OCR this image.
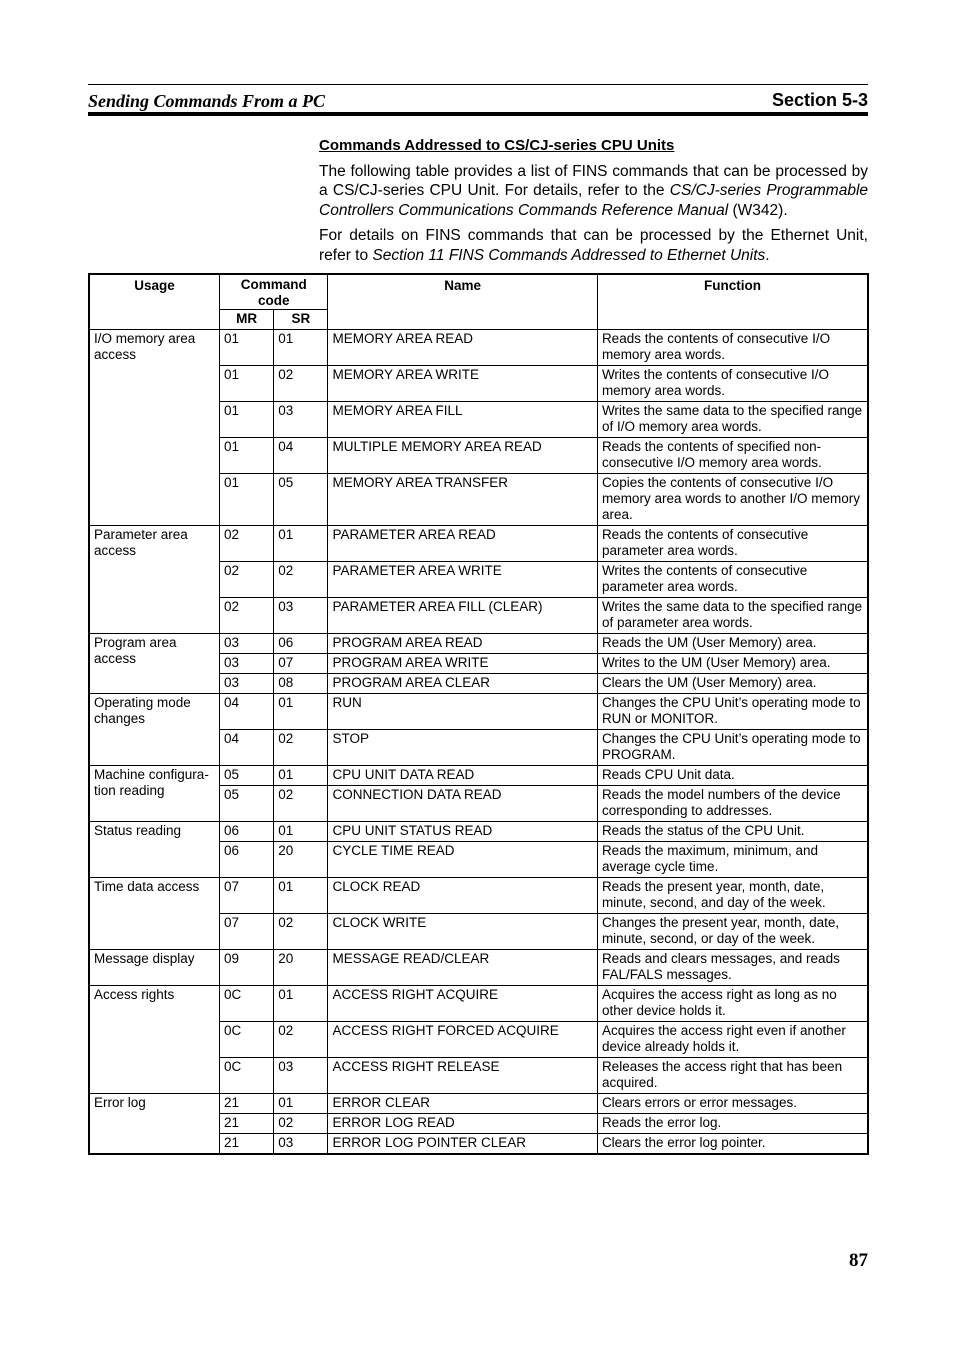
Sending Commands From a PC	Section 5-3
Commands Addressed to CS/CJ-series CPU Units

The following table provides a list of FINS commands that can be processed by a CS/CJ-series CPU Unit. For details, refer to the CS/CJ-series Programmable Controllers Communications Commands Reference Manual (W342).

For details on FINS commands that can be processed by the Ethernet Unit, refer to Section 11 FINS Commands Addressed to Ethernet Units.

Usage	Command code		Name	Function
	MR	SR		
I/O memory area access	01	01	MEMORY AREA READ	Reads the contents of consecutive I/O memory area words.
	01	02	MEMORY AREA WRITE	Writes the contents of consecutive I/O memory area words.
	01	03	MEMORY AREA FILL	Writes the same data to the specified range of I/O memory area words.
	01	04	MULTIPLE MEMORY AREA READ	Reads the contents of specified non-consecutive I/O memory area words.
	01	05	MEMORY AREA TRANSFER	Copies the contents of consecutive I/O memory area words to another I/O memory area.
Parameter area access	02	01	PARAMETER AREA READ	Reads the contents of consecutive parameter area words.
	02	02	PARAMETER AREA WRITE	Writes the contents of consecutive parameter area words.
	02	03	PARAMETER AREA FILL (CLEAR)	Writes the same data to the specified range of parameter area words.
Program area access	03	06	PROGRAM AREA READ	Reads the UM (User Memory) area.
	03	07	PROGRAM AREA WRITE	Writes to the UM (User Memory) area.
	03	08	PROGRAM AREA CLEAR	Clears the UM (User Memory) area.
Operating mode changes	04	01	RUN	Changes the CPU Unit’s operating mode to RUN or MONITOR.
	04	02	STOP	Changes the CPU Unit’s operating mode to PROGRAM.
Machine configura-tion reading	05	01	CPU UNIT DATA READ	Reads CPU Unit data.
	05	02	CONNECTION DATA READ	Reads the model numbers of the device corresponding to addresses.
Status reading	06	01	CPU UNIT STATUS READ	Reads the status of the CPU Unit.
	06	20	CYCLE TIME READ	Reads the maximum, minimum, and average cycle time.
Time data access	07	01	CLOCK READ	Reads the present year, month, date, minute, second, and day of the week.
	07	02	CLOCK WRITE	Changes the present year, month, date, minute, second, or day of the week.
Message display	09	20	MESSAGE READ/CLEAR	Reads and clears messages, and reads FAL/FALS messages.
Access rights	0C	01	ACCESS RIGHT ACQUIRE	Acquires the access right as long as no other device holds it.
	0C	02	ACCESS RIGHT FORCED ACQUIRE	Acquires the access right even if another device already holds it.
	0C	03	ACCESS RIGHT RELEASE	Releases the access right that has been acquired.
Error log	21	01	ERROR CLEAR	Clears errors or error messages.
	21	02	ERROR LOG READ	Reads the error log.
	21	03	ERROR LOG POINTER CLEAR	Clears the error log pointer.
87
